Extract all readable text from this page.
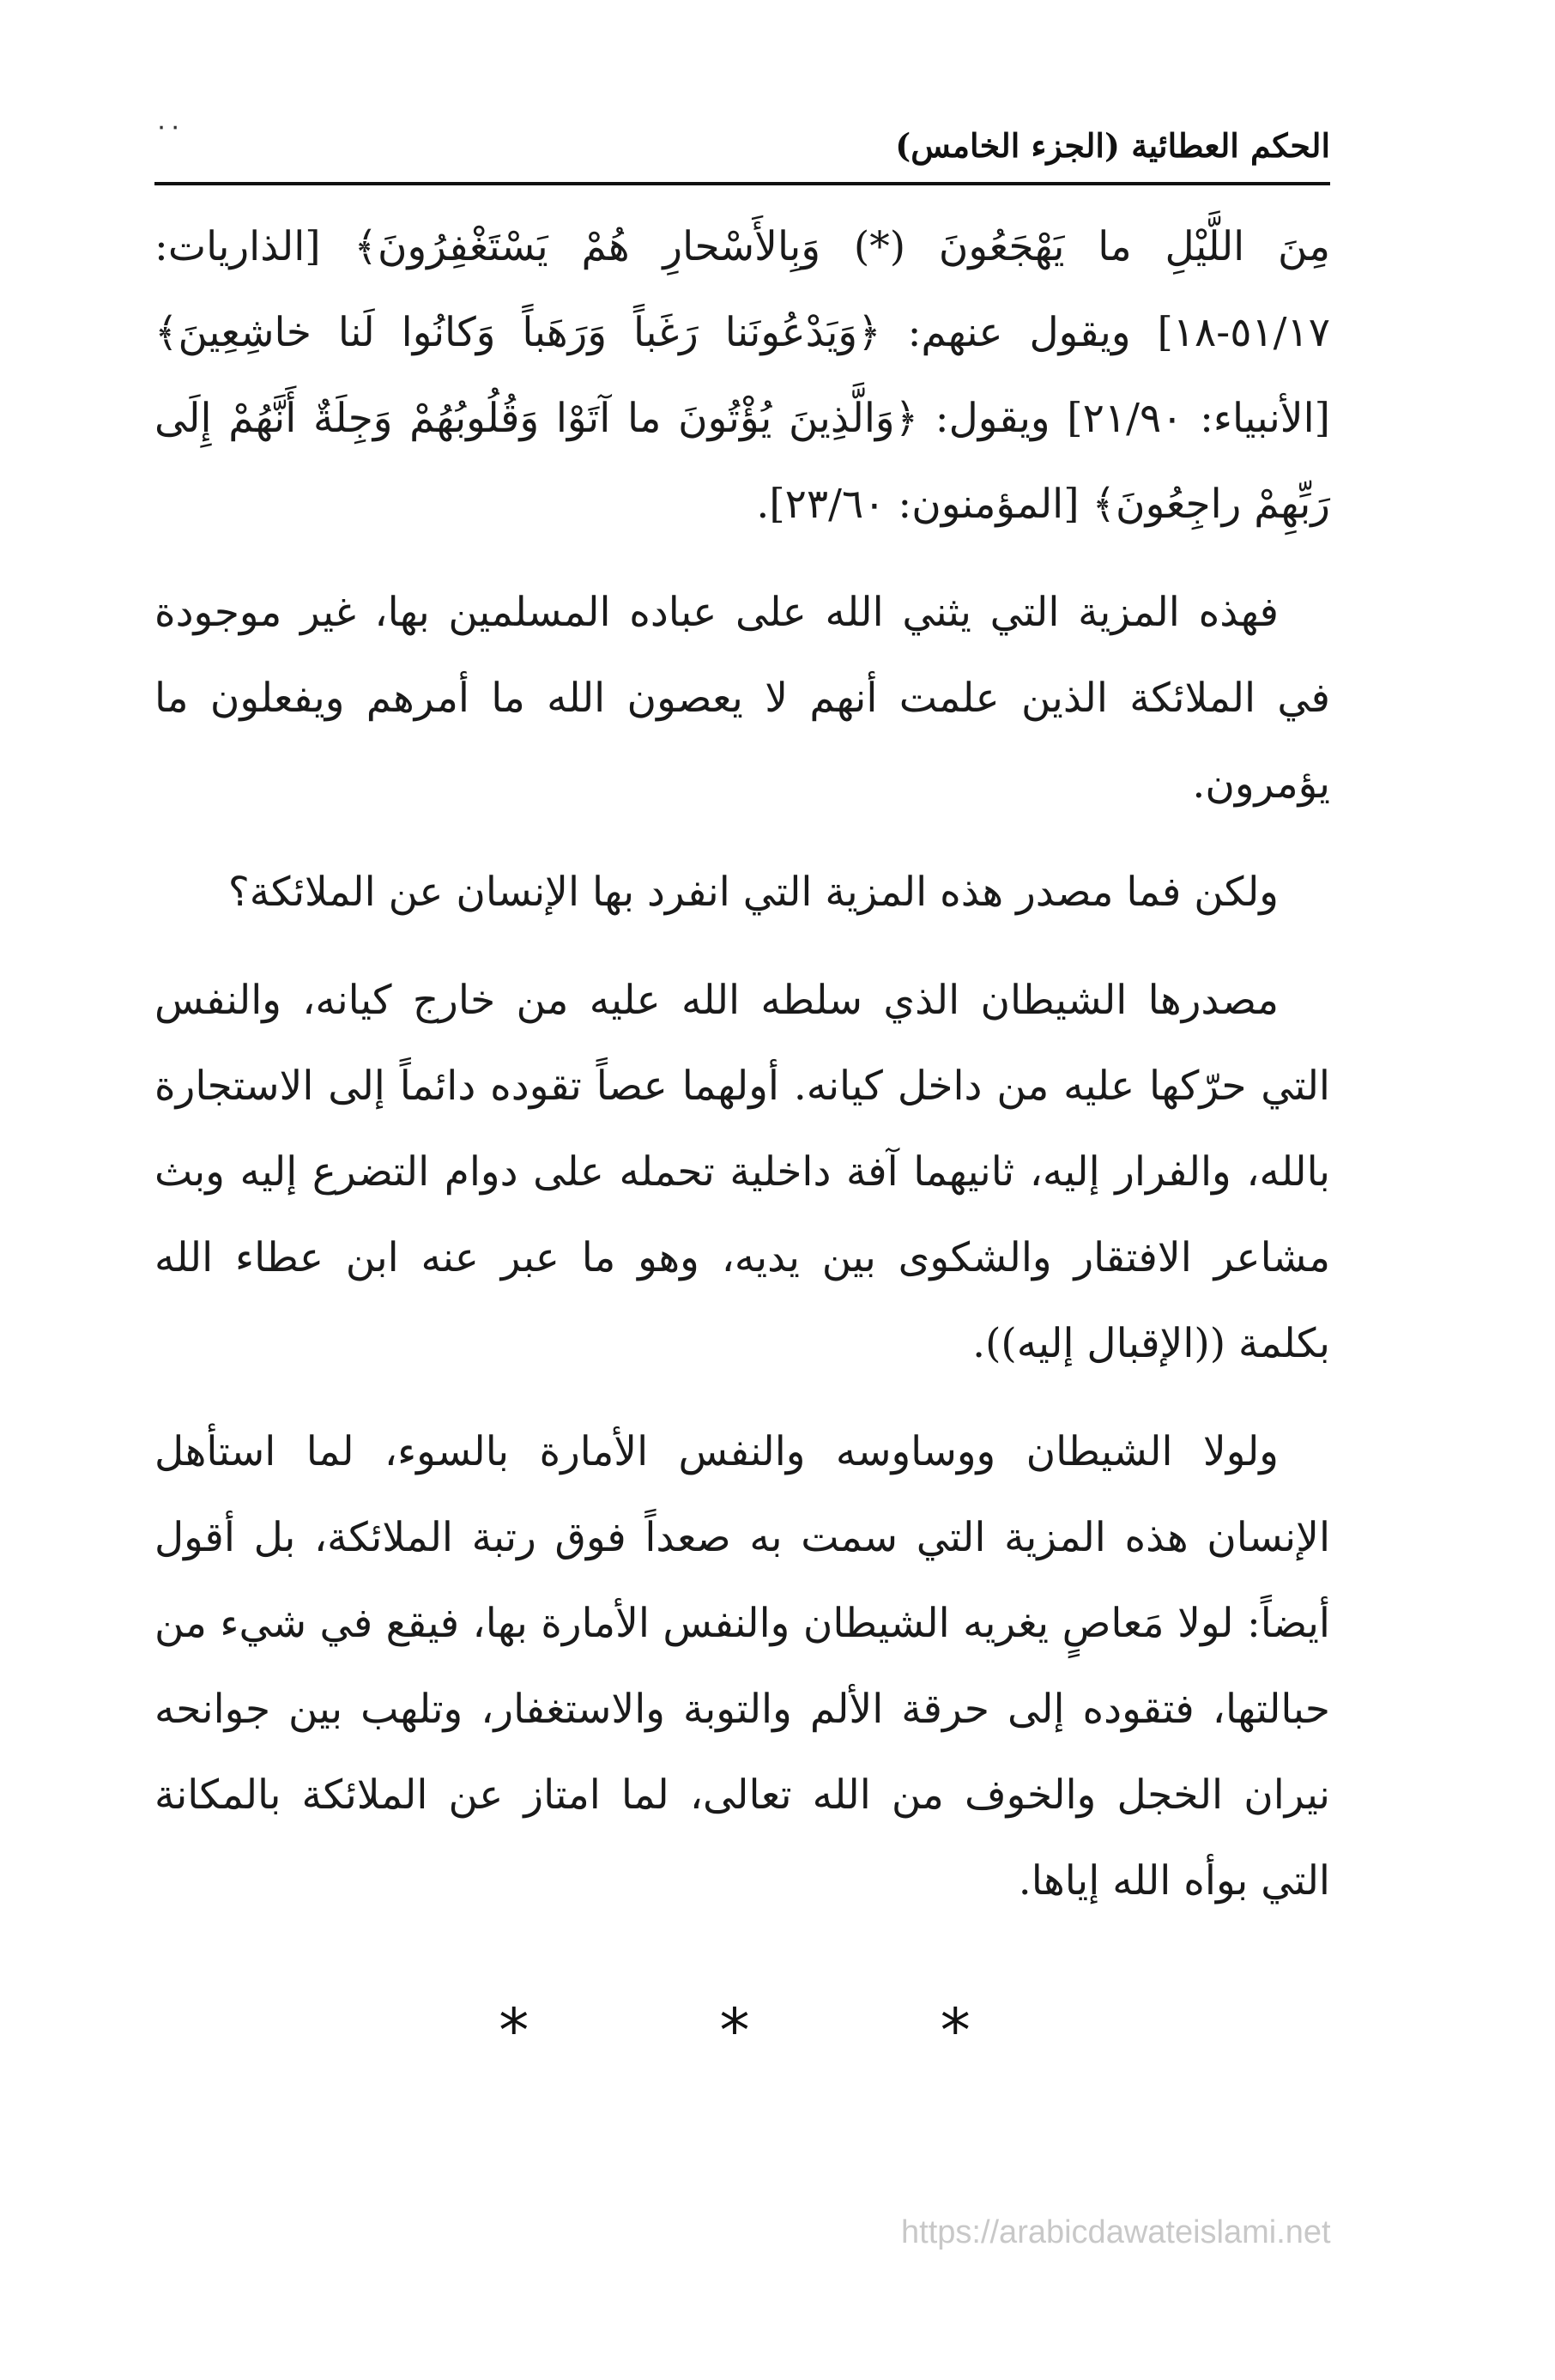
الحكم العطائية (الجزء الخامس)
٠٠

مِنَ اللَّيْلِ ما يَهْجَعُونَ (*) وَبِالأَسْحارِ هُمْ يَسْتَغْفِرُونَ﴾ [الذاريات: ٥١/١٧-١٨] ويقول عنهم: ﴿وَيَدْعُونَنا رَغَباً وَرَهَباً وَكانُوا لَنا خاشِعِينَ﴾ [الأنبياء: ٢١/٩٠] ويقول: ﴿وَالَّذِينَ يُؤْتُونَ ما آتَوْا وَقُلُوبُهُمْ وَجِلَةٌ أَنَّهُمْ إِلَى رَبِّهِمْ راجِعُونَ﴾ [المؤمنون: ٢٣/٦٠].

فهذه المزية التي يثني الله على عباده المسلمين بها، غير موجودة في الملائكة الذين علمت أنهم لا يعصون الله ما أمرهم ويفعلون ما يؤمرون.

ولكن فما مصدر هذه المزية التي انفرد بها الإنسان عن الملائكة؟

مصدرها الشيطان الذي سلطه الله عليه من خارج كيانه، والنفس التي حرّكها عليه من داخل كيانه. أولهما عصاً تقوده دائماً إلى الاستجارة بالله، والفرار إليه، ثانيهما آفة داخلية تحمله على دوام التضرع إليه وبث مشاعر الافتقار والشكوى بين يديه، وهو ما عبر عنه ابن عطاء الله بكلمة ((الإقبال إليه)).

ولولا الشيطان ووساوسه والنفس الأمارة بالسوء، لما استأهل الإنسان هذه المزية التي سمت به صعداً فوق رتبة الملائكة، بل أقول أيضاً: لولا مَعاصٍ يغريه الشيطان والنفس الأمارة بها، فيقع في شيء من حبالتها، فتقوده إلى حرقة الألم والتوبة والاستغفار، وتلهب بين جوانحه نيران الخجل والخوف من الله تعالى، لما امتاز عن الملائكة بالمكانة التي بوأه الله إياها.

* * *
https://arabicdawateislami.net
